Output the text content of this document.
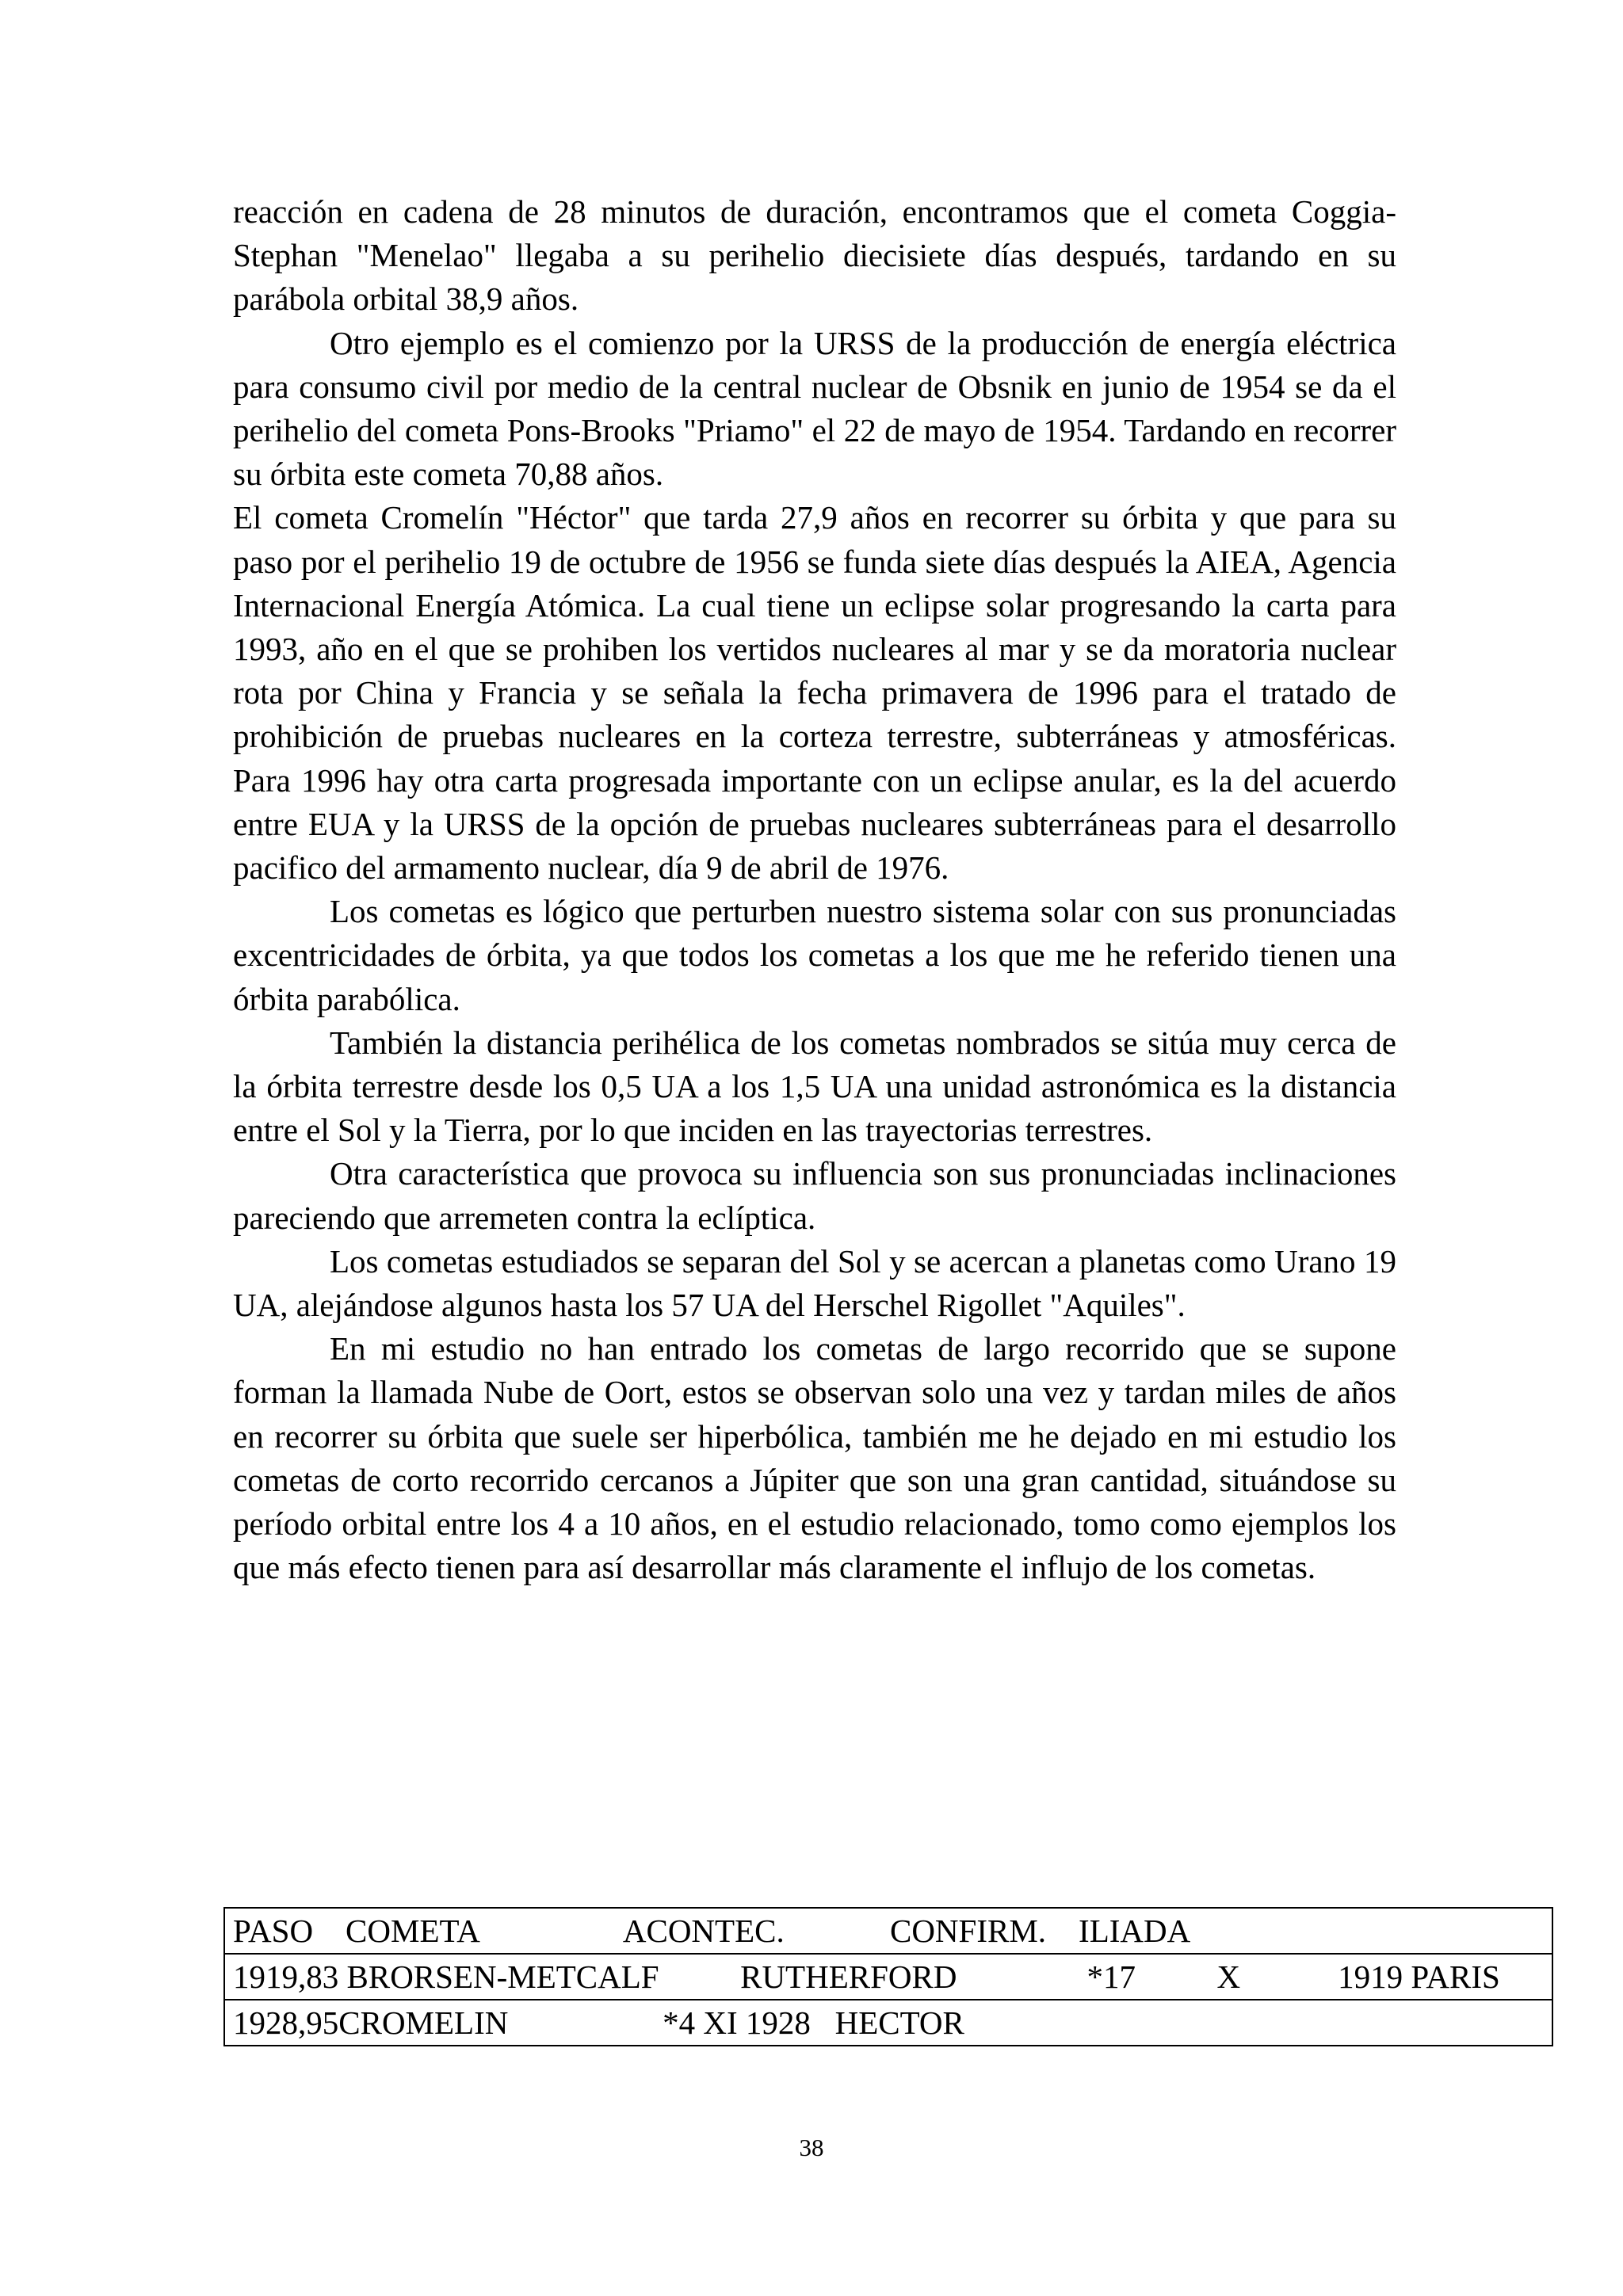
reacción en cadena de 28 minutos de duración, encontramos que el cometa Coggia-Stephan "Menelao" llegaba a su perihelio diecisiete días después, tardando en su parábola orbital 38,9 años.

Otro ejemplo es el comienzo por la URSS de la producción de energía eléctrica para consumo civil por medio de la central nuclear de Obsnik en junio de 1954 se da el perihelio del cometa Pons-Brooks "Priamo" el 22 de mayo de 1954. Tardando en recorrer su órbita este cometa 70,88 años.

El cometa Cromelín "Héctor" que tarda 27,9 años en recorrer su órbita y que para su paso por el perihelio 19 de octubre de 1956 se funda siete días después la AIEA, Agencia Internacional Energía Atómica. La cual tiene un eclipse solar progresando la carta para 1993, año en el que se prohiben los vertidos nucleares al mar y se da moratoria nuclear rota por China y Francia y se señala la fecha primavera de 1996 para el tratado de prohibición de pruebas nucleares en la corteza terrestre, subterráneas y atmosféricas. Para 1996 hay otra carta progresada importante con un eclipse anular, es la del acuerdo entre EUA y la URSS de la opción de pruebas nucleares subterráneas para el desarrollo pacifico del armamento nuclear, día 9 de abril de 1976.

Los cometas es lógico que perturben nuestro sistema solar con sus pronunciadas excentricidades de órbita, ya que todos los cometas a los que me he referido tienen una órbita parabólica.

También la distancia perihélica de los cometas nombrados se sitúa muy cerca de la órbita terrestre desde los 0,5 UA a los 1,5 UA una unidad astronómica es la distancia entre el Sol y la Tierra, por lo que inciden en las trayectorias terrestres.

Otra característica que provoca su influencia son sus pronunciadas inclinaciones pareciendo que arremeten contra la eclíptica.

Los cometas estudiados se separan del Sol y se acercan a planetas como Urano 19 UA, alejándose algunos hasta los 57 UA del Herschel Rigollet "Aquiles".

En mi estudio no han entrado los cometas de largo recorrido que se supone forman la llamada Nube de Oort, estos se observan solo una vez y tardan miles de años en recorrer su órbita que suele ser hiperbólica, también me he dejado en mi estudio los cometas de corto recorrido cercanos a Júpiter que son una gran cantidad, situándose su período orbital entre los 4 a 10 años, en el estudio relacionado, tomo como ejemplos los que más efecto tienen para así desarrollar más claramente el influjo de los cometas.

PASO    COMETA                  ACONTEC.             CONFIRM.    ILIADA
1919,83 BRORSEN-METCALF          RUTHERFORD                *17          X            1919 PARIS
1928,95CROMELIN                   *4 XI 1928   HECTOR
38
